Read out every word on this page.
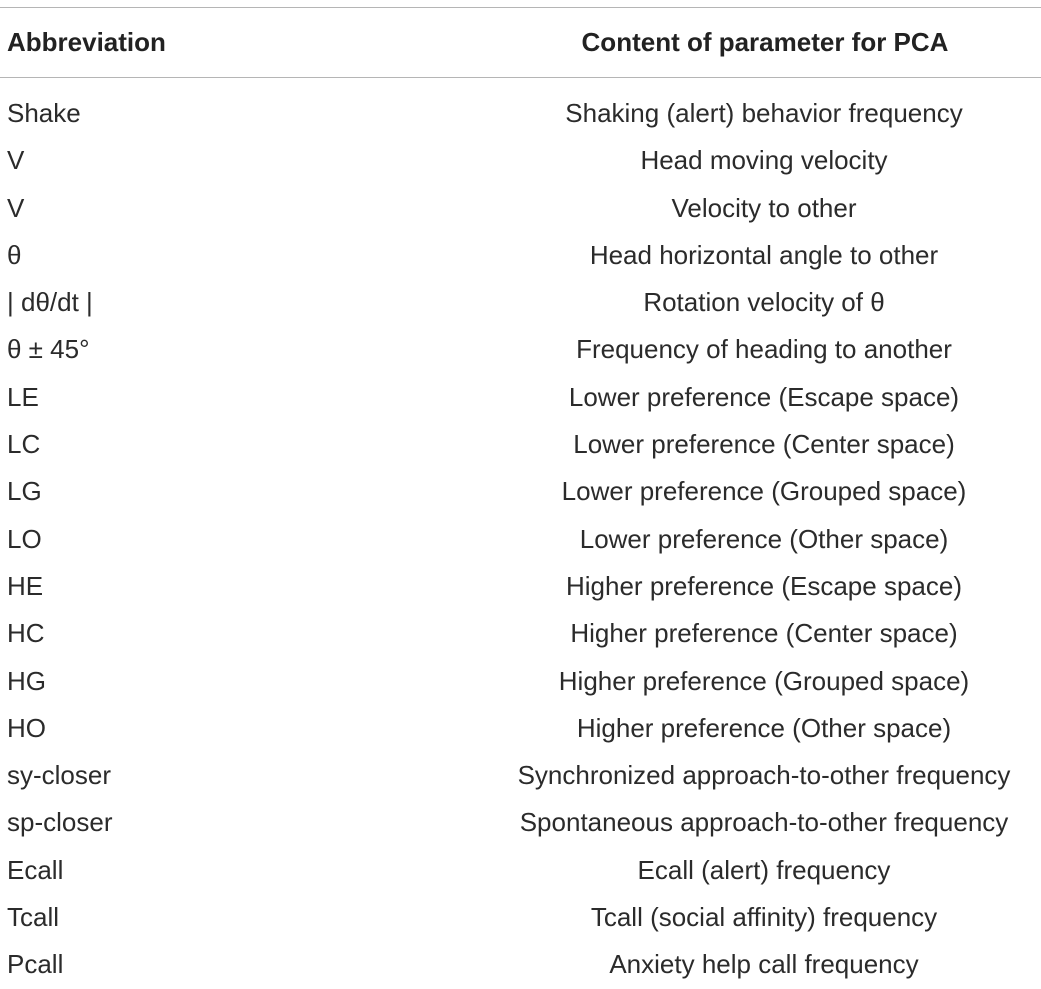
Abbreviation	Content of parameter for PCA
Shake	Shaking (alert) behavior frequency
V	Head moving velocity
V	Velocity to other
θ	Head horizontal angle to other
| dθ/dt |	Rotation velocity of θ
θ ± 45°	Frequency of heading to another
LE	Lower preference (Escape space)
LC	Lower preference (Center space)
LG	Lower preference (Grouped space)
LO	Lower preference (Other space)
HE	Higher preference (Escape space)
HC	Higher preference (Center space)
HG	Higher preference (Grouped space)
HO	Higher preference (Other space)
sy-closer	Synchronized approach-to-other frequency
sp-closer	Spontaneous approach-to-other frequency
Ecall	Ecall (alert) frequency
Tcall	Tcall (social affinity) frequency
Pcall	Anxiety help call frequency
